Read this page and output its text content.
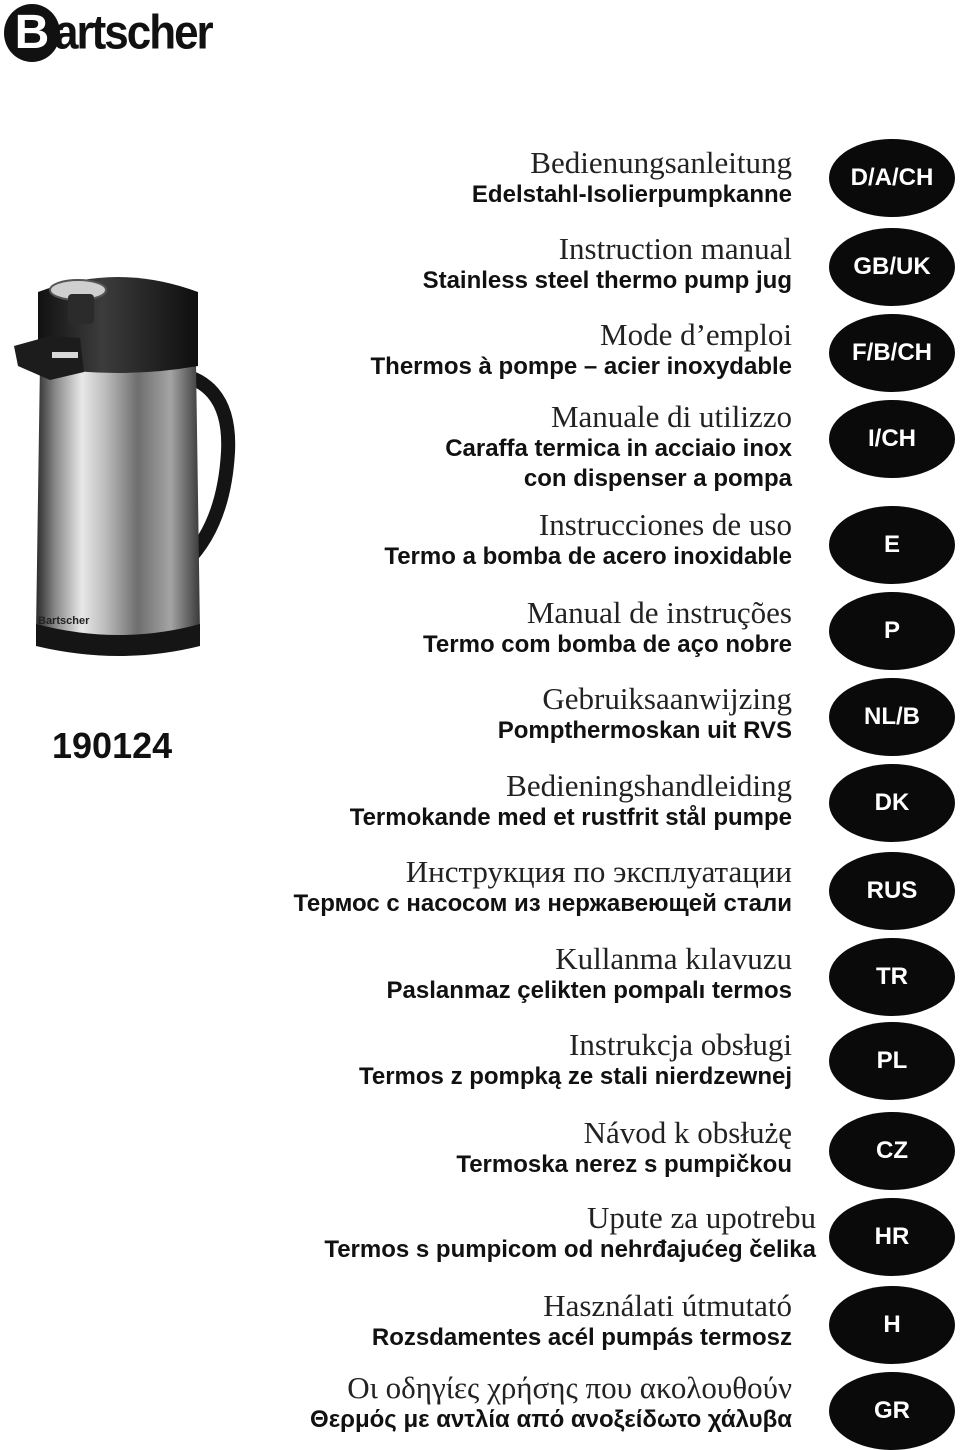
B artscher
Bartscher
190124
Bedienungsanleitung
Edelstahl-Isolierpumpkanne
D/A/CH
Instruction manual
Stainless steel thermo pump jug
GB/UK
Mode d’emploi
Thermos à pompe – acier inoxydable
F/B/CH
Manuale di utilizzo
Caraffa termica in acciaio inox
con dispenser a pompa
I/CH
Instrucciones de uso
Termo a bomba de acero inoxidable	E
Manual de instruções
Termo com bomba de aço nobre
P
Gebruiksaanwijzing
Pompthermoskan uit RVS
NL/B
Bedieningshandleiding
Termokande med et rustfrit stål pumpe
DK
Инструкция по эксплуатации
Термос с насосом из нержавеющей стали	RUS
Kullanma kılavuzu
Paslanmaz çelikten pompalı termos
TR
Instrukcja obsługi
Termos z pompką ze stali nierdzewnej
PL
Návod k obsłużę
Termoska nerez s pumpičkou
CZ
Upute za upotrebu
Termos s pumpicom od nehrđajućeg čelika	HR
Használati útmutató
Rozsdamentes acél pumpás termosz	H
Οι οδηγίες χρήσης που ακολουθούν
Θερμός με αντλία από ανοξείδωτο χάλυβα	GR
